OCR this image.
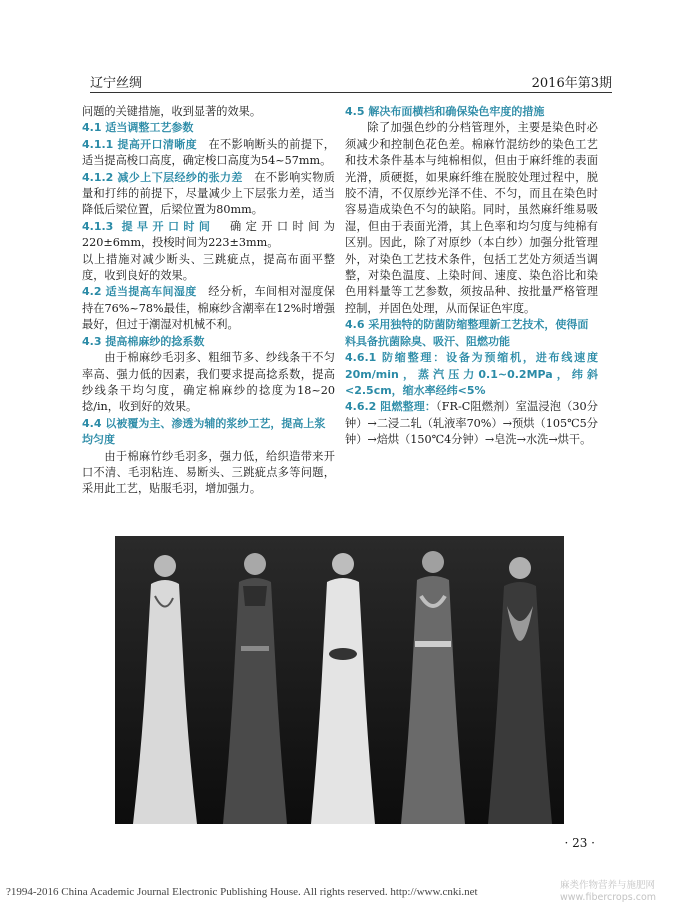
辽宁丝绸	2016年第3期

问题的关键措施，收到显著的效果。

4.1 适当调整工艺参数

4.1.1 提高开口清晰度　 在不影响断头的前提下，适当提高梭口高度，确定梭口高度为54~57mm。

4.1.2 减少上下层经纱的张力差　 在不影响实物质量和打纬的前提下，尽量减少上下层张力差，适当降低后梁位置，后梁位置为80mm。

4.1.3 提早开口时间　 确定开口时间为220±6mm，投梭时间为223±3mm。

以上措施对减少断头、三跳疵点，提高布面平整度，收到良好的效果。

4.2 适当提高车间湿度　 经分析，车间相对湿度保持在76%~78%最佳，棉麻纱含潮率在12%时增强最好，但过于潮湿对机械不利。

4.3 提高棉麻纱的捻系数

由于棉麻纱毛羽多、粗细节多、纱线条干不匀率高、强力低的因素，我们要求提高捻系数，提高纱线条干均匀度，确定棉麻纱的捻度为18~20捻/in，收到好的效果。

4.4 以被覆为主、渗透为辅的浆纱工艺，提高上浆均匀度

由于棉麻竹纱毛羽多，强力低，给织造带来开口不清、毛羽粘连、易断头、三跳疵点多等问题，采用此工艺，贴服毛羽，增加强力。

4.5 解决布面横档和确保染色牢度的措施

除了加强色纱的分档管理外，主要是染色时必须减少和控制色花色差。棉麻竹混纺纱的染色工艺和技术条件基本与纯棉相似，但由于麻纤维的表面光滑，质硬挺，如果麻纤维在脱胶处理过程中，脱胶不清，不仅原纱光泽不佳、不匀，而且在染色时容易造成染色不匀的缺陷。同时，虽然麻纤维易吸湿，但由于表面光滑，其上色率和均匀度与纯棉有区别。因此，除了对原纱（本白纱）加强分批管理外，对染色工艺技术条件，包括工艺处方须适当调整，对染色温度、上染时间、速度、染色浴比和染色用料量等工艺参数，须按品种、按批量严格管理控制，并固色处理，从而保证色牢度。

4.6 采用独特的防菌防缩整理新工艺技术，使得面料具备抗菌除臭、吸汗、阻燃功能

4.6.1 防缩整理：设备为预缩机，进布线速度20m/min，蒸汽压力0.1~0.2MPa，纬斜<2.5cm，缩水率经纬<5%

4.6.2 阻燃整理：（FR-C阻燃剂）室温浸泡（30分钟）→二浸二轧（轧液率70%）→预烘（105℃5分钟）→焙烘（150℃4分钟）→皂洗→水洗→烘干。

· 23 ·
?1994-2016 China Academic Journal Electronic Publishing House. All rights reserved. http://www.cnki.net
麻类作物营养与施肥网
www.fibercrops.com
